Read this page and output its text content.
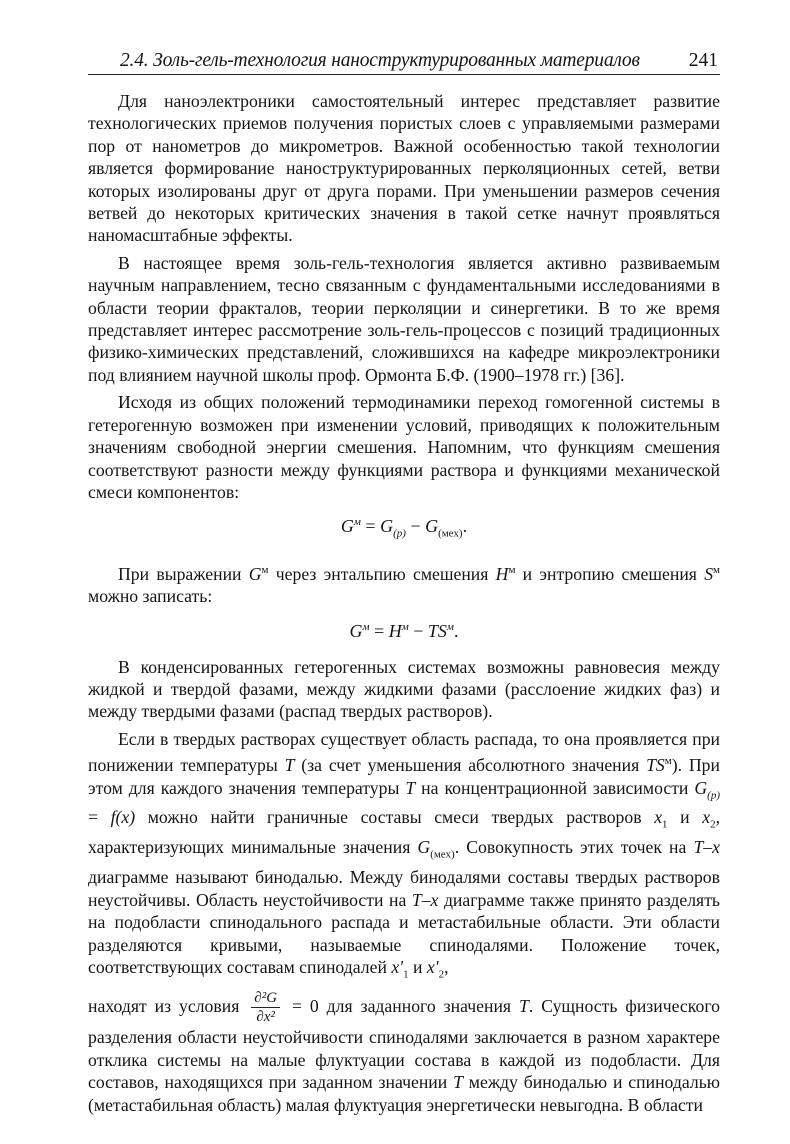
2.4. Золь-гель-технология наноструктурированных материалов	241

Для наноэлектроники самостоятельный интерес представляет развитие технологических приемов получения пористых слоев с управляемыми размерами пор от нанометров до микрометров. Важной особенностью такой технологии является формирование наноструктурированных перколяционных сетей, ветви которых изолированы друг от друга порами. При уменьшении размеров сечения ветвей до некоторых критических значения в такой сетке начнут проявляться наномасштабные эффекты.

В настоящее время золь-гель-технология является активно развиваемым научным направлением, тесно связанным с фундаментальными исследованиями в области теории фракталов, теории перколяции и синергетики. В то же время представляет интерес рассмотрение золь-гель-процессов с позиций традиционных физико-химических представлений, сложившихся на кафедре микроэлектроники под влиянием научной школы проф. Ормонта Б.Ф. (1900–1978 гг.) [36].

Исходя из общих положений термодинамики переход гомогенной системы в гетерогенную возможен при изменении условий, приводящих к положительным значениям свободной энергии смешения. Напомним, что функциям смешения соответствуют разности между функциями раствора и функциями механической смеси компонентов:

$G^м = G_{(p)} - G_{(мех)}$.

При выражении $G^м$ через энтальпию смешения $H^м$ и энтропию смешения $S^м$ можно записать:

$G^м = H^м - TS^м$.

В конденсированных гетерогенных системах возможны равновесия между жидкой и твердой фазами, между жидкими фазами (расслоение жидких фаз) и между твердыми фазами (распад твердых растворов).

Если в твердых растворах существует область распада, то она проявляется при понижении температуры T (за счет уменьшения абсолютного значения $TS^м$). При этом для каждого значения температуры T на концентрационной зависимости $G_{(p)} = f(x)$ можно найти граничные составы смеси твердых растворов $x_1$ и $x_2$, характеризующих минимальные значения $G_{(мех)}$. Совокупность этих точек на T–x диаграмме называют бинодалью. Между бинодалями составы твердых растворов неустойчивы. Область неустойчивости на T–x диаграмме также принято разделять на подобласти спинодального распада и метастабильные области. Эти области разделяются кривыми, называемые спинодалями. Положение точек, соответствующих составам спинодалей $x'_1$ и $x'_2$,

находят из условия $\frac{\text{∂²G}}{\text{∂x²}} = 0$ для заданного значения T. Сущность физического разделения области неустойчивости спинодалями заключается в разном характере отклика системы на малые флуктуации состава в каждой из подобласти. Для составов, находящихся при заданном значении T между бинодалью и спинодалью (метастабильная область) малая флуктуация энергетически невыгодна. В области
